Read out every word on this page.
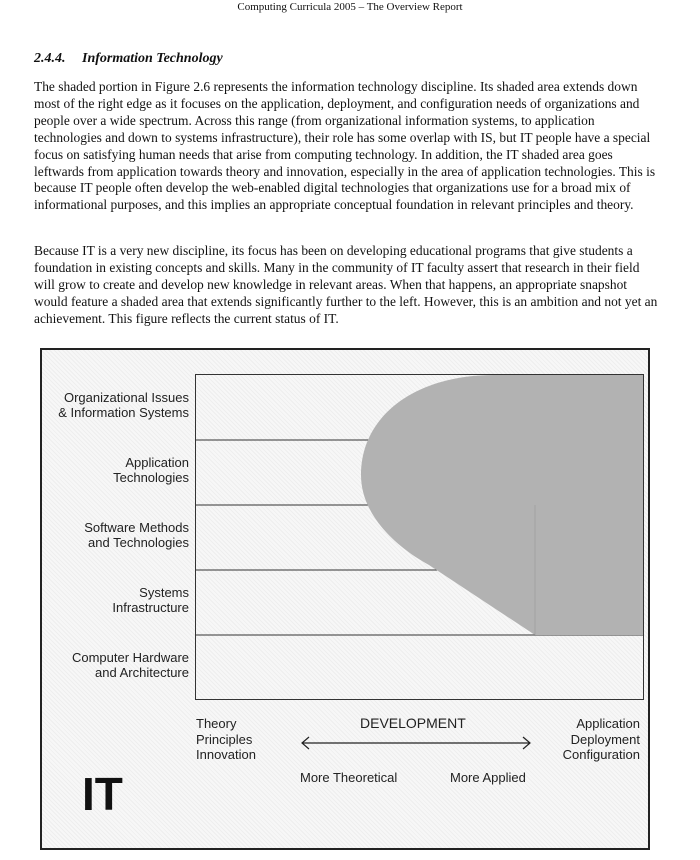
Computing Curricula 2005 – The Overview Report
2.4.4. Information Technology

The shaded portion in Figure 2.6 represents the information technology discipline. Its shaded area extends down most of the right edge as it focuses on the application, deployment, and configuration needs of organizations and people over a wide spectrum. Across this range (from organizational information systems, to application technologies and down to systems infrastructure), their role has some overlap with IS, but IT people have a special focus on satisfying human needs that arise from computing technology. In addition, the IT shaded area goes leftwards from application towards theory and innovation, especially in the area of application technologies. This is because IT people often develop the web-enabled digital technologies that organizations use for a broad mix of informational purposes, and this implies an appropriate conceptual foundation in relevant principles and theory.

Because IT is a very new discipline, its focus has been on developing educational programs that give students a foundation in existing concepts and skills. Many in the community of IT faculty assert that research in their field will grow to create and develop new knowledge in relevant areas. When that happens, an appropriate snapshot would feature a shaded area that extends significantly further to the left. However, this is an ambition and not yet an achievement. This figure reflects the current status of IT.

Organizational Issues
& Information Systems
Application
Technologies
Software Methods
and Technologies
Systems
Infrastructure
Computer Hardware
and Architecture
Theory
Principles
Innovation
DEVELOPMENT	Application
Deployment
Configuration
More Theoretical	More Applied
IT
